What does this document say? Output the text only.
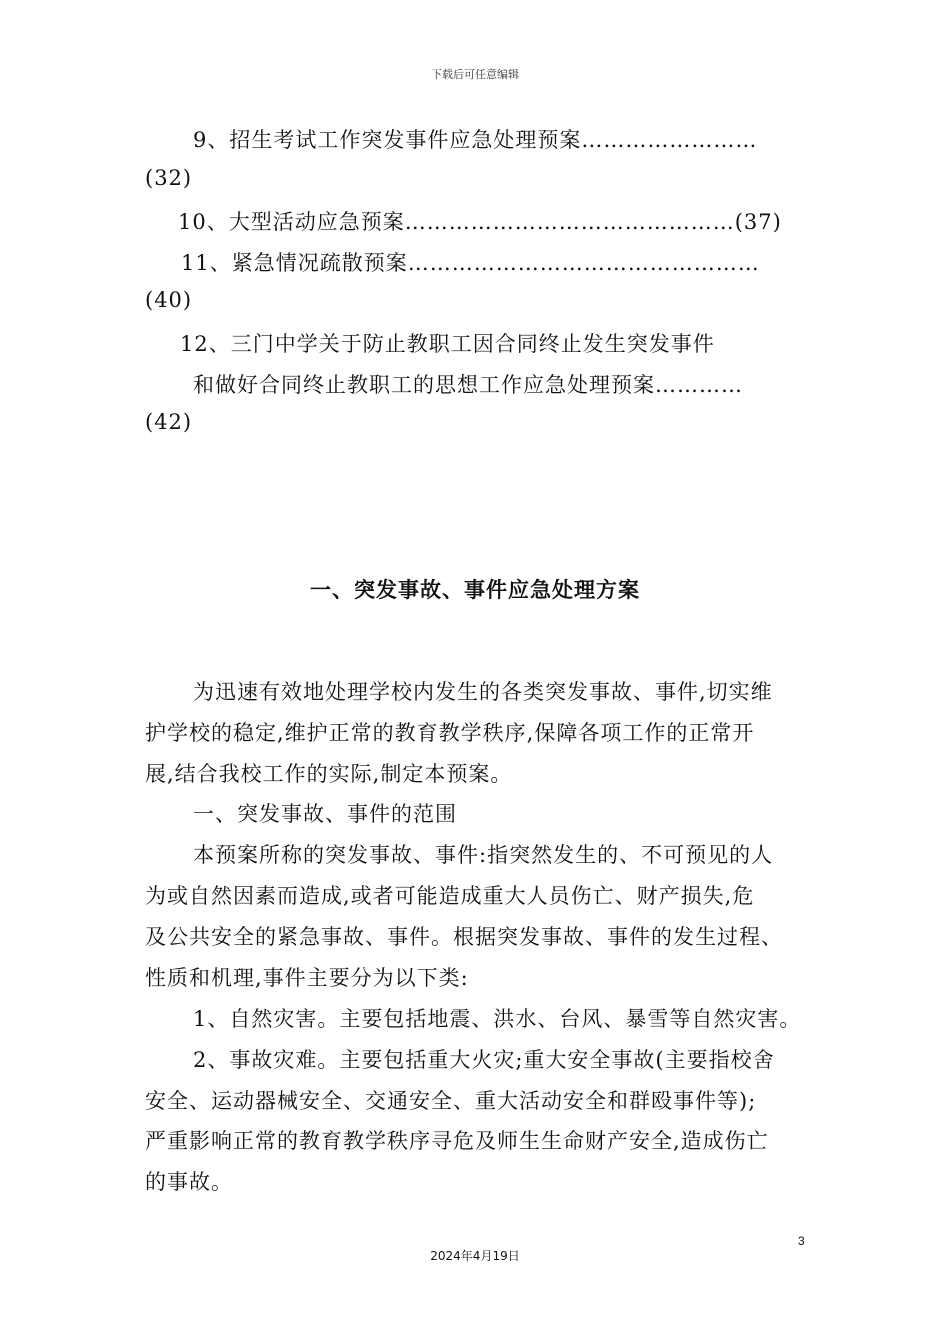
下载后可任意编辑
9、招生考试工作突发事件应急处理预案……………………
(32)
10、大型活动应急预案………………………………………(37)
11、紧急情况疏散预案…………………………………………
(40)
12、三门中学关于防止教职工因合同终止发生突发事件
和做好合同终止教职工的思想工作应急处理预案…………
(42)
一、突发事故、事件应急处理方案
为迅速有效地处理学校内发生的各类突发事故、事件,切实维
护学校的稳定,维护正常的教育教学秩序,保障各项工作的正常开
展,结合我校工作的实际,制定本预案。
一、突发事故、事件的范围
本预案所称的突发事故、事件:指突然发生的、不可预见的人
为或自然因素而造成,或者可能造成重大人员伤亡、财产损失,危
及公共安全的紧急事故、事件。根据突发事故、事件的发生过程、
性质和机理,事件主要分为以下类:
1、自然灾害。主要包括地震、洪水、台风、暴雪等自然灾害。
2、事故灾难。主要包括重大火灾;重大安全事故(主要指校舍
安全、运动器械安全、交通安全、重大活动安全和群殴事件等);
严重影响正常的教育教学秩序寻危及师生生命财产安全,造成伤亡
的事故。
3
2024年4月19日
